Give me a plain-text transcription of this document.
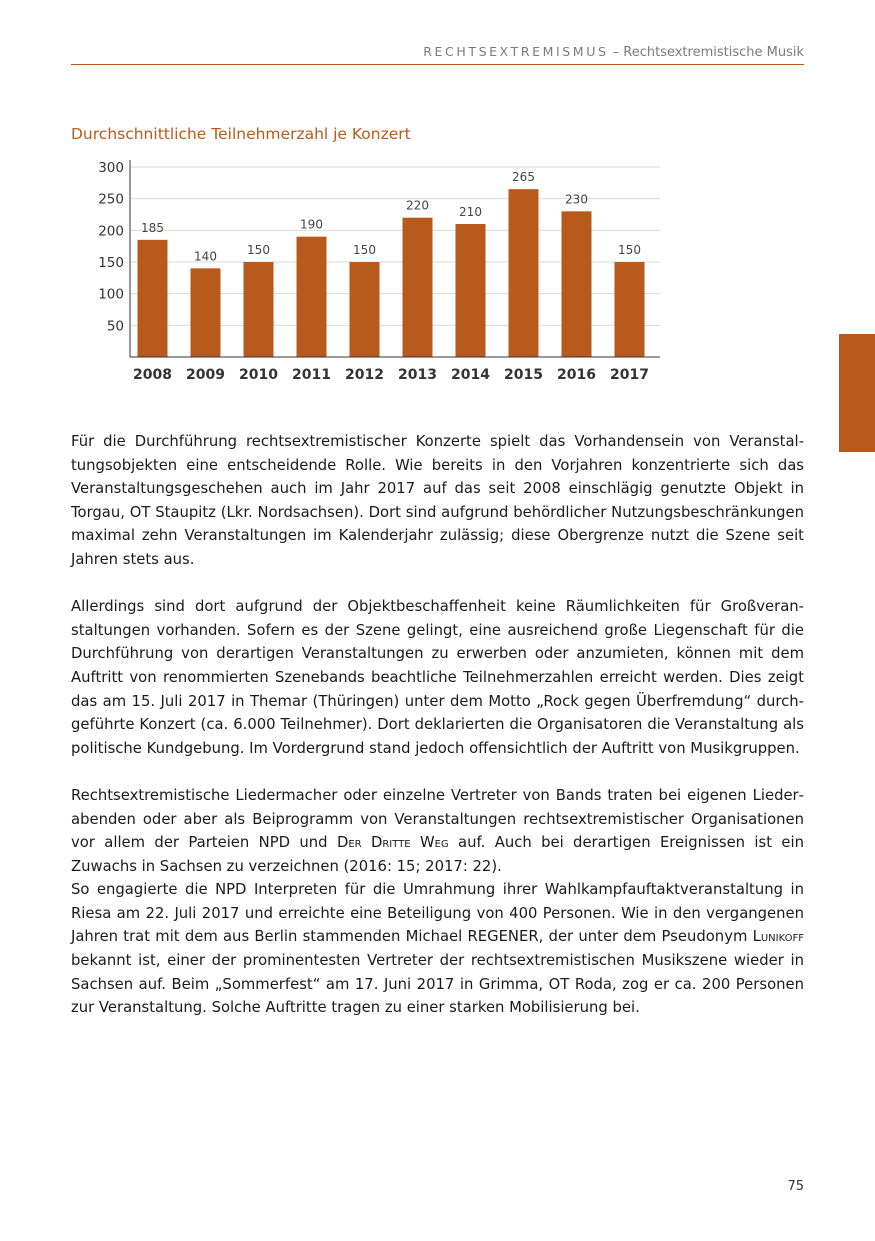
RECHTSEXTREMISMUS – Rechtsextremistische Musik
Durchschnittliche Teilnehmerzahl je Konzert
50
100
150
200
250
300
185
140	150
190
150
220	210
265
230
150
2008 2009 2010 2011 2012 2013 2014 2015 2016 2017

Für die Durchführung rechtsextremistischer Konzerte spielt das Vorhandensein von Veranstaltungsobjekten eine entscheidende Rolle. Wie bereits in den Vorjahren konzentrierte sich das Veranstaltungsgeschehen auch im Jahr 2017 auf das seit 2008 einschlägig genutzte Objekt in Torgau, OT Staupitz (Lkr. Nordsachsen). Dort sind aufgrund behördlicher Nutzungsbeschränkungen maximal zehn Veranstaltungen im Kalenderjahr zulässig; diese Obergrenze nutzt die Szene seit Jahren stets aus.

Allerdings sind dort aufgrund der Objektbeschaffenheit keine Räumlichkeiten für Großveranstaltungen vorhanden. Sofern es der Szene gelingt, eine ausreichend große Liegenschaft für die Durchführung von derartigen Veranstaltungen zu erwerben oder anzumieten, können mit dem Auftritt von renommierten Szenebands beachtliche Teilnehmerzahlen erreicht werden. Dies zeigt das am 15. Juli 2017 in Themar (Thüringen) unter dem Motto „Rock gegen Überfremdung“ durchgeführte Konzert (ca. 6.000 Teilnehmer). Dort deklarierten die Organisatoren die Veranstaltung als politische Kundgebung. Im Vordergrund stand jedoch offensichtlich der Auftritt von Musikgruppen.

Rechtsextremistische Liedermacher oder einzelne Vertreter von Bands traten bei eigenen Liederabenden oder aber als Beiprogramm von Veranstaltungen rechtsextremistischer Organisationen vor allem der Parteien NPD und Der Dritte Weg auf. Auch bei derartigen Ereignissen ist ein Zuwachs in Sachsen zu verzeichnen (2016: 15; 2017: 22).

So engagierte die NPD Interpreten für die Umrahmung ihrer Wahlkampfauftaktveranstaltung in Riesa am 22. Juli 2017 und erreichte eine Beteiligung von 400 Personen. Wie in den vergangenen Jahren trat mit dem aus Berlin stammenden Michael REGENER, der unter dem Pseudonym Lunikoff bekannt ist, einer der prominentesten Vertreter der rechtsextremistischen Musikszene wieder in Sachsen auf. Beim „Sommerfest“ am 17. Juni 2017 in Grimma, OT Roda, zog er ca. 200 Personen zur Veranstaltung. Solche Auftritte tragen zu einer starken Mobilisierung bei.

75
